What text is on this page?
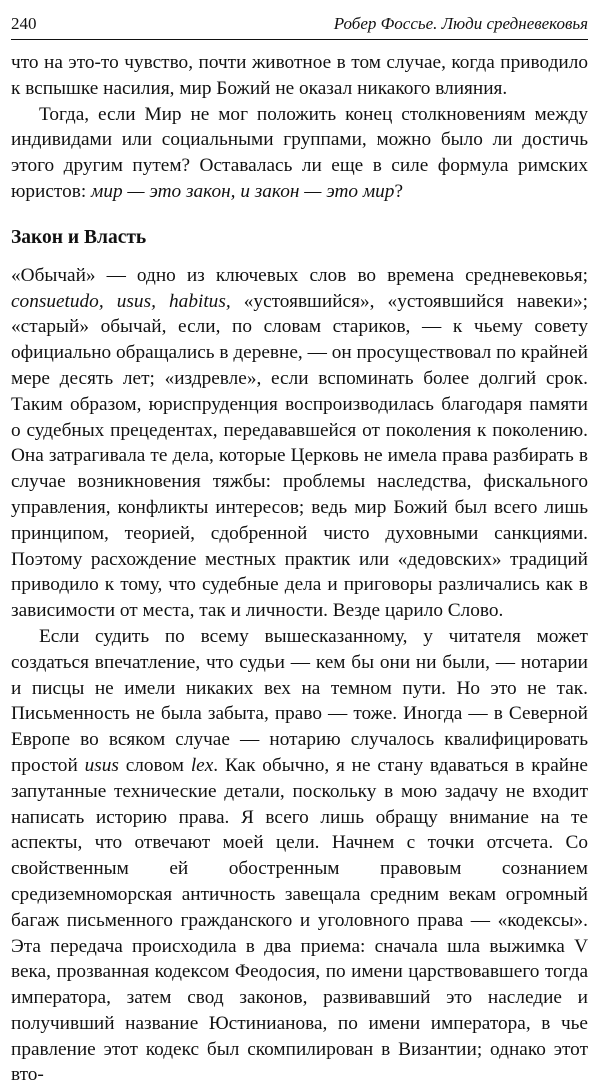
240	Робер Фоссье. Люди средневековья

что на это-то чувство, почти животное в том случае, когда приводило к вспышке насилия, мир Божий не оказал никакого влияния.

Тогда, если Мир не мог положить конец столкновениям между индивидами или социальными группами, можно было ли достичь этого другим путем? Оставалась ли еще в силе формула римских юристов: мир — это закон, и закон — это мир?

Закон и Власть

«Обычай» — одно из ключевых слов во времена средневековья; consuetudo, usus, habitus, «устоявшийся», «устоявшийся навеки»; «старый» обычай, если, по словам стариков, — к чьему совету официально обращались в деревне, — он просуществовал по крайней мере десять лет; «издревле», если вспоминать более долгий срок. Таким образом, юриспруденция воспроизводилась благодаря памяти о судебных прецедентах, передававшейся от поколения к поколению. Она затрагивала те дела, которые Церковь не имела права разбирать в случае возникновения тяжбы: проблемы наследства, фискального управления, конфликты интересов; ведь мир Божий был всего лишь принципом, теорией, сдобренной чисто духовными санкциями. Поэтому расхождение местных практик или «дедовских» традиций приводило к тому, что судебные дела и приговоры различались как в зависимости от места, так и личности. Везде царило Слово.

Если судить по всему вышесказанному, у читателя может создаться впечатление, что судьи — кем бы они ни были, — нотарии и писцы не имели никаких вех на темном пути. Но это не так. Письменность не была забыта, право — тоже. Иногда — в Северной Европе во всяком случае — нотарию случалось квалифицировать простой usus словом lex. Как обычно, я не стану вдаваться в крайне запутанные технические детали, поскольку в мою задачу не входит написать историю права. Я всего лишь обращу внимание на те аспекты, что отвечают моей цели. Начнем с точки отсчета. Со свойственным ей обостренным правовым сознанием средиземноморская античность завещала средним векам огромный багаж письменного гражданского и уголовного права — «кодексы». Эта передача происходила в два приема: сначала шла выжимка V века, прозванная кодексом Феодосия, по имени царствовавшего тогда императора, затем свод законов, развивавший это наследие и получивший название Юстинианова, по имени императора, в чье правление этот кодекс был скомпилирован в Византии; однако этот вто-
